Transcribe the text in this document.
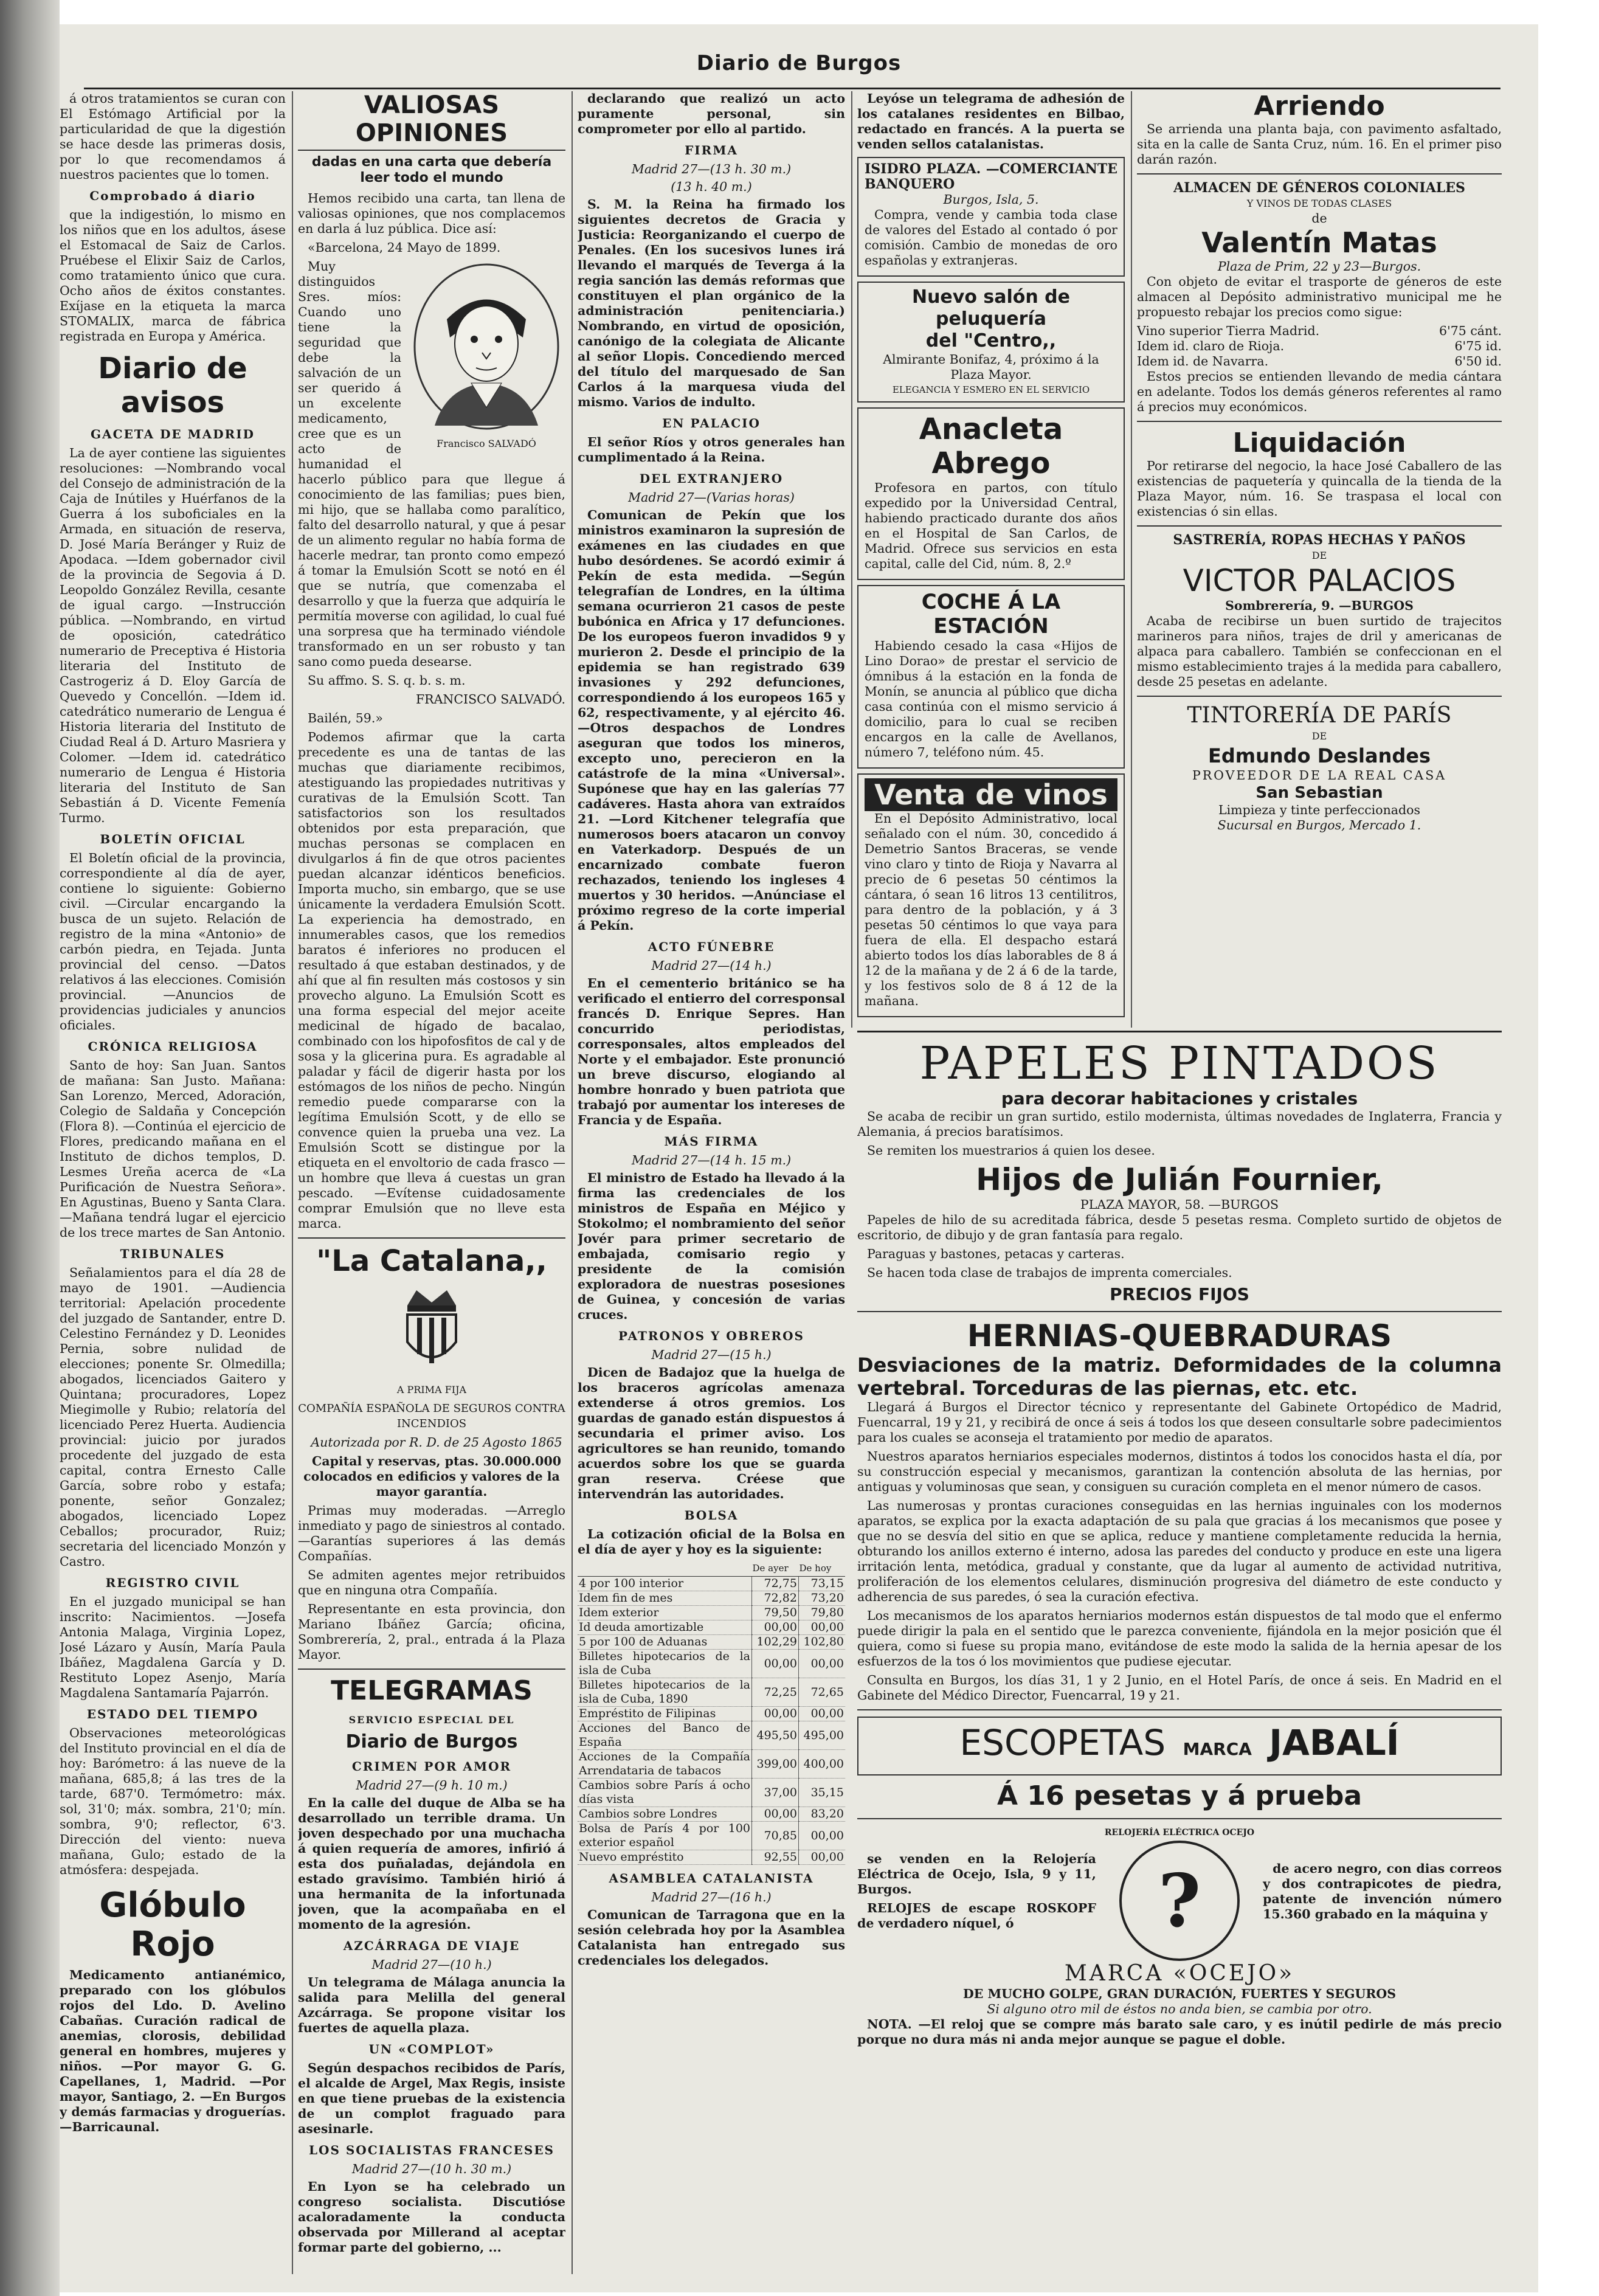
Diario de Burgos

á otros tratamientos se curan con El Estómago Artificial por la particularidad de que la digestión se hace desde las primeras dosis, por lo que recomendamos á nuestros pacientes que lo tomen.

Comprobado á diario

que la indigestión, lo mismo en los niños que en los adultos, ásese el Estomacal de Saiz de Carlos. Pruébese el Elixir Saiz de Carlos, como tratamiento único que cura. Ocho años de éxitos constantes. Exíjase en la etiqueta la marca STOMALIX, marca de fábrica registrada en Europa y América.

Diario de avisos

GACETA DE MADRID

La de ayer contiene las siguientes resoluciones: —Nombrando vocal del Consejo de administración de la Caja de Inútiles y Huérfanos de la Guerra á los suboficiales en la Armada, en situación de reserva, D. José María Beránger y Ruiz de Apodaca. —Idem gobernador civil de la provincia de Segovia á D. Leopoldo González Revilla, cesante de igual cargo. —Instrucción pública. —Nombrando, en virtud de oposición, catedrático numerario de Preceptiva é Historia literaria del Instituto de Castrogeriz á D. Eloy García de Quevedo y Concellón. —Idem id. catedrático numerario de Lengua é Historia literaria del Instituto de Ciudad Real á D. Arturo Masriera y Colomer. —Idem id. catedrático numerario de Lengua é Historia literaria del Instituto de San Sebastián á D. Vicente Femenía Turmo.

BOLETÍN OFICIAL

El Boletín oficial de la provincia, correspondiente al día de ayer, contiene lo siguiente: Gobierno civil. —Circular encargando la busca de un sujeto. Relación de registro de la mina «Antonio» de carbón piedra, en Tejada. Junta provincial del censo. —Datos relativos á las elecciones. Comisión provincial. —Anuncios de providencias judiciales y anuncios oficiales.

CRÓNICA RELIGIOSA

Santo de hoy: San Juan. Santos de mañana: San Justo. Mañana: San Lorenzo, Merced, Adoración, Colegio de Saldaña y Concepción (Flora 8). —Continúa el ejercicio de Flores, predicando mañana en el Instituto de dichos templos, D. Lesmes Ureña acerca de «La Purificación de Nuestra Señora». En Agustinas, Bueno y Santa Clara. —Mañana tendrá lugar el ejercicio de los trece martes de San Antonio.

TRIBUNALES

Señalamientos para el día 28 de mayo de 1901. —Audiencia territorial: Apelación procedente del juzgado de Santander, entre D. Celestino Fernández y D. Leonides Pernia, sobre nulidad de elecciones; ponente Sr. Olmedilla; abogados, licenciados Gaitero y Quintana; procuradores, Lopez Miegimolle y Rubio; relatoría del licenciado Perez Huerta. Audiencia provincial: juicio por jurados procedente del juzgado de esta capital, contra Ernesto Calle García, sobre robo y estafa; ponente, señor Gonzalez; abogados, licenciado Lopez Ceballos; procurador, Ruiz; secretaria del licenciado Monzón y Castro.

REGISTRO CIVIL

En el juzgado municipal se han inscrito: Nacimientos. —Josefa Antonia Malaga, Virginia Lopez, José Lázaro y Ausín, María Paula Ibáñez, Magdalena García y D. Restituto Lopez Asenjo, María Magdalena Santamaría Pajarrón.

ESTADO DEL TIEMPO

Observaciones meteorológicas del Instituto provincial en el día de hoy: Barómetro: á las nueve de la mañana, 685,8; á las tres de la tarde, 687'0. Termómetro: máx. sol, 31'0; máx. sombra, 21'0; mín. sombra, 9'0; reflector, 6'3. Dirección del viento: nueva mañana, Gulo; estado de la atmósfera: despejada.

Glóbulo Rojo

Medicamento antianémico, preparado con los glóbulos rojos del Ldo. D. Avelino Cabañas. Curación radical de anemias, clorosis, debilidad general en hombres, mujeres y niños. —Por mayor G. G. Capellanes, 1, Madrid. —Por mayor, Santiago, 2. —En Burgos y demás farmacias y droguerías. —Barricaunal.

VALIOSAS OPINIONES
dadas en una carta que debería leer todo el mundo

Hemos recibido una carta, tan llena de valiosas opiniones, que nos complacemos en darla á luz pública. Dice así:

«Barcelona, 24 Mayo de 1899.

Francisco SALVADÓ

Muy distinguidos Sres. míos: Cuando uno tiene la seguridad que debe la salvación de un ser querido á un excelente medicamento, cree que es un acto de humanidad el hacerlo público para que llegue á conocimiento de las familias; pues bien, mi hijo, que se hallaba como paralítico, falto del desarrollo natural, y que á pesar de un alimento regular no había forma de hacerle medrar, tan pronto como empezó á tomar la Emulsión Scott se notó en él que se nutría, que comenzaba el desarrollo y que la fuerza que adquiría le permitía moverse con agilidad, lo cual fué una sorpresa que ha terminado viéndole transformado en un ser robusto y tan sano como pueda desearse.

Su affmo. S. S. q. b. s. m.

FRANCISCO SALVADÓ.

Bailén, 59.»

Podemos afirmar que la carta precedente es una de tantas de las muchas que diariamente recibimos, atestiguando las propiedades nutritivas y curativas de la Emulsión Scott. Tan satisfactorios son los resultados obtenidos por esta preparación, que muchas personas se complacen en divulgarlos á fin de que otros pacientes puedan alcanzar idénticos beneficios. Importa mucho, sin embargo, que se use únicamente la verdadera Emulsión Scott. La experiencia ha demostrado, en innumerables casos, que los remedios baratos é inferiores no producen el resultado á que estaban destinados, y de ahí que al fin resulten más costosos y sin provecho alguno. La Emulsión Scott es una forma especial del mejor aceite medicinal de hígado de bacalao, combinado con los hipofosfitos de cal y de sosa y la glicerina pura. Es agradable al paladar y fácil de digerir hasta por los estómagos de los niños de pecho. Ningún remedio puede compararse con la legítima Emulsión Scott, y de ello se convence quien la prueba una vez. La Emulsión Scott se distingue por la etiqueta en el envoltorio de cada frasco —un hombre que lleva á cuestas un gran pescado. —Evítense cuidadosamente comprar Emulsión que no lleve esta marca.

"La Catalana,,
A PRIMA FIJA
COMPAÑÍA ESPAÑOLA DE SEGUROS CONTRA INCENDIOS

Autorizada por R. D. de 25 Agosto 1865

Capital y reservas, ptas. 30.000.000 colocados en edificios y valores de la mayor garantía.

Primas muy moderadas. —Arreglo inmediato y pago de siniestros al contado. —Garantías superiores á las demás Compañías.

Se admiten agentes mejor retribuidos que en ninguna otra Compañía.

Representante en esta provincia, don Mariano Ibáñez García; oficina, Sombrerería, 2, pral., entrada á la Plaza Mayor.

TELEGRAMAS

SERVICIO ESPECIAL DEL

Diario de Burgos

CRIMEN POR AMOR

Madrid 27—(9 h. 10 m.)

En la calle del duque de Alba se ha desarrollado un terrible drama. Un joven despechado por una muchacha á quien requería de amores, infirió á esta dos puñaladas, dejándola en estado gravísimo. También hirió á una hermanita de la infortunada joven, que la acompañaba en el momento de la agresión.

AZCÁRRAGA DE VIAJE

Madrid 27—(10 h.)

Un telegrama de Málaga anuncia la salida para Melilla del general Azcárraga. Se propone visitar los fuertes de aquella plaza.

UN «COMPLOT»

Según despachos recibidos de París, el alcalde de Argel, Max Regis, insiste en que tiene pruebas de la existencia de un complot fraguado para asesinarle.

LOS SOCIALISTAS FRANCESES

Madrid 27—(10 h. 30 m.)

En Lyon se ha celebrado un congreso socialista. Discutióse acaloradamente la conducta observada por Millerand al aceptar formar parte del gobierno, ...

declarando que realizó un acto puramente personal, sin comprometer por ello al partido.

FIRMA

Madrid 27—(13 h. 30 m.)

(13 h. 40 m.)

S. M. la Reina ha firmado los siguientes decretos de Gracia y Justicia: Reorganizando el cuerpo de Penales. (En los sucesivos lunes irá llevando el marqués de Teverga á la regia sanción las demás reformas que constituyen el plan orgánico de la administración penitenciaria.) Nombrando, en virtud de oposición, canónigo de la colegiata de Alicante al señor Llopis. Concediendo merced del título del marquesado de San Carlos á la marquesa viuda del mismo. Varios de indulto.

EN PALACIO

El señor Ríos y otros generales han cumplimentado á la Reina.

DEL EXTRANJERO

Madrid 27—(Varias horas)

Comunican de Pekín que los ministros examinaron la supresión de exámenes en las ciudades en que hubo desórdenes. Se acordó eximir á Pekín de esta medida. —Según telegrafían de Londres, en la última semana ocurrieron 21 casos de peste bubónica en Africa y 17 defunciones. De los europeos fueron invadidos 9 y murieron 2. Desde el principio de la epidemia se han registrado 639 invasiones y 292 defunciones, correspondiendo á los europeos 165 y 62, respectivamente, y al ejército 46. —Otros despachos de Londres aseguran que todos los mineros, excepto uno, perecieron en la catástrofe de la mina «Universal». Supónese que hay en las galerías 77 cadáveres. Hasta ahora van extraídos 21. —Lord Kitchener telegrafía que numerosos boers atacaron un convoy en Vaterkadorp. Después de un encarnizado combate fueron rechazados, teniendo los ingleses 4 muertos y 30 heridos. —Anúnciase el próximo regreso de la corte imperial á Pekín.

ACTO FÚNEBRE

Madrid 27—(14 h.)

En el cementerio británico se ha verificado el entierro del corresponsal francés D. Enrique Sepres. Han concurrido periodistas, corresponsales, altos empleados del Norte y el embajador. Este pronunció un breve discurso, elogiando al hombre honrado y buen patriota que trabajó por aumentar los intereses de Francia y de España.

MÁS FIRMA

Madrid 27—(14 h. 15 m.)

El ministro de Estado ha llevado á la firma las credenciales de los ministros de España en Méjico y Stokolmo; el nombramiento del señor Jovér para primer secretario de embajada, comisario regio y presidente de la comisión exploradora de nuestras posesiones de Guinea, y concesión de varias cruces.

PATRONOS Y OBREROS

Madrid 27—(15 h.)

Dicen de Badajoz que la huelga de los braceros agrícolas amenaza extenderse á otros gremios. Los guardas de ganado están dispuestos á secundaria el primer aviso. Los agricultores se han reunido, tomando acuerdos sobre los que se guarda gran reserva. Créese que intervendrán las autoridades.

BOLSA

La cotización oficial de la Bolsa en el día de ayer y hoy es la siguiente:

	De ayer	De hoy
4 por 100 interior	72,75	73,15
Idem fin de mes	72,82	73,20
Idem exterior	79,50	79,80
Id deuda amortizable	00,00	00,00
5 por 100 de Aduanas	102,29	102,80
Billetes hipotecarios de la isla de Cuba	00,00	00,00
Billetes hipotecarios de la isla de Cuba, 1890	72,25	72,65
Empréstito de Filipinas	00,00	00,00
Acciones del Banco de España	495,50	495,00
Acciones de la Compañía Arrendataria de tabacos	399,00	400,00
Cambios sobre París á ocho días vista	37,00	35,15
Cambios sobre Londres	00,00	83,20
Bolsa de París 4 por 100 exterior español	70,85	00,00
Nuevo empréstito	92,55	00,00

ASAMBLEA CATALANISTA

Madrid 27—(16 h.)

Comunican de Tarragona que en la sesión celebrada hoy por la Asamblea Catalanista han entregado sus credenciales los delegados.

Leyóse un telegrama de adhesión de los catalanes residentes en Bilbao, redactado en francés. A la puerta se venden sellos catalanistas.

ISIDRO PLAZA. —COMERCIANTE BANQUERO
Burgos, Isla, 5.

Compra, vende y cambia toda clase de valores del Estado al contado ó por comisión. Cambio de monedas de oro españolas y extranjeras.

Nuevo salón de peluquería
del "Centro,,
Almirante Bonifaz, 4, próximo á la Plaza Mayor.
ELEGANCIA Y ESMERO EN EL SERVICIO
Anacleta Abrego

Profesora en partos, con título expedido por la Universidad Central, habiendo practicado durante dos años en el Hospital de San Carlos, de Madrid. Ofrece sus servicios en esta capital, calle del Cid, núm. 8, 2.º

COCHE Á LA ESTACIÓN

Habiendo cesado la casa «Hijos de Lino Dorao» de prestar el servicio de ómnibus á la estación en la fonda de Monín, se anuncia al público que dicha casa continúa con el mismo servicio á domicilio, para lo cual se reciben encargos en la calle de Avellanos, número 7, teléfono núm. 45.

Venta de vinos

En el Depósito Administrativo, local señalado con el núm. 30, concedido á Demetrio Santos Braceras, se vende vino claro y tinto de Rioja y Navarra al precio de 6 pesetas 50 céntimos la cántara, ó sean 16 litros 13 centilitros, para dentro de la población, y á 3 pesetas 50 céntimos lo que vaya para fuera de ella. El despacho estará abierto todos los días laborables de 8 á 12 de la mañana y de 2 á 6 de la tarde, y los festivos solo de 8 á 12 de la mañana.

Arriendo

Se arrienda una planta baja, con pavimento asfaltado, sita en la calle de Santa Cruz, núm. 16. En el primer piso darán razón.

ALMACEN DE GÉNEROS COLONIALES
Y VINOS DE TODAS CLASES
de
Valentín Matas
Plaza de Prim, 22 y 23—Burgos.

Con objeto de evitar el trasporte de géneros de este almacen al Depósito administrativo municipal me he propuesto rebajar los precios como sigue:

Vino superior Tierra Madrid.	6'75 cánt.
Idem id. claro de Rioja.	6'75 id.
Idem id. de Navarra.	6'50 id.

Estos precios se entienden llevando de media cántara en adelante. Todos los demás géneros referentes al ramo á precios muy económicos.

Liquidación

Por retirarse del negocio, la hace José Caballero de las existencias de paquetería y quincalla de la tienda de la Plaza Mayor, núm. 16. Se traspasa el local con existencias ó sin ellas.

SASTRERÍA, ROPAS HECHAS Y PAÑOS
DE
VICTOR PALACIOS
Sombrerería, 9. —BURGOS

Acaba de recibirse un buen surtido de trajecitos marineros para niños, trajes de dril y americanas de alpaca para caballero. También se confeccionan en el mismo establecimiento trajes á la medida para caballero, desde 25 pesetas en adelante.

TINTORERÍA DE PARÍS
DE
Edmundo Deslandes
PROVEEDOR DE LA REAL CASA
San Sebastian
Limpieza y tinte perfeccionados
Sucursal en Burgos, Mercado 1.
PAPELES PINTADOS
para decorar habitaciones y cristales

Se acaba de recibir un gran surtido, estilo modernista, últimas novedades de Inglaterra, Francia y Alemania, á precios baratísimos.

Se remiten los muestrarios á quien los desee.

Hijos de Julián Fournier,
PLAZA MAYOR, 58. —BURGOS

Papeles de hilo de su acreditada fábrica, desde 5 pesetas resma. Completo surtido de objetos de escritorio, de dibujo y de gran fantasía para regalo.

Paraguas y bastones, petacas y carteras.

Se hacen toda clase de trabajos de imprenta comerciales.

PRECIOS FIJOS
HERNIAS-QUEBRADURAS
Desviaciones de la matriz. Deformidades de la columna vertebral. Torceduras de las piernas, etc. etc.

Llegará á Burgos el Director técnico y representante del Gabinete Ortopédico de Madrid, Fuencarral, 19 y 21, y recibirá de once á seis á todos los que deseen consultarle sobre padecimientos para los cuales se aconseja el tratamiento por medio de aparatos.

Nuestros aparatos herniarios especiales modernos, distintos á todos los conocidos hasta el día, por su construcción especial y mecanismos, garantizan la contención absoluta de las hernias, por antiguas y voluminosas que sean, y consiguen su curación completa en el menor número de casos.

Las numerosas y prontas curaciones conseguidas en las hernias inguinales con los modernos aparatos, se explica por la exacta adaptación de su pala que gracias á los mecanismos que posee y que no se desvía del sitio en que se aplica, reduce y mantiene completamente reducida la hernia, obturando los anillos externo é interno, adosa las paredes del conducto y produce en este una ligera irritación lenta, metódica, gradual y constante, que da lugar al aumento de actividad nutritiva, proliferación de los elementos celulares, disminución progresiva del diámetro de este conducto y adherencia de sus paredes, ó sea la curación efectiva.

Los mecanismos de los aparatos herniarios modernos están dispuestos de tal modo que el enfermo puede dirigir la pala en el sentido que le parezca conveniente, fijándola en la mejor posición que él quiera, como si fuese su propia mano, evitándose de este modo la salida de la hernia apesar de los esfuerzos de la tos ó los movimientos que pudiese ejecutar.

Consulta en Burgos, los días 31, 1 y 2 Junio, en el Hotel París, de once á seis. En Madrid en el Gabinete del Médico Director, Fuencarral, 19 y 21.

ESCOPETAS MARCA JABALÍ
Á 16 pesetas y á prueba

se venden en la Relojería Eléctrica de Ocejo, Isla, 9 y 11, Burgos.

RELOJES de escape ROSKOPF de verdadero níquel, ó

RELOJERÍA ELÉCTRICA OCEJO
?	de acero negro, con dias correos y dos contrapicotes de piedra, patente de invención número 15.360 grabado en la máquina y

MARCA «OCEJO»
DE MUCHO GOLPE, GRAN DURACIÓN, FUERTES Y SEGUROS
Si alguno otro mil de éstos no anda bien, se cambia por otro.

NOTA. —El reloj que se compre más barato sale caro, y es inútil pedirle de más precio porque no dura más ni anda mejor aunque se pague el doble.
